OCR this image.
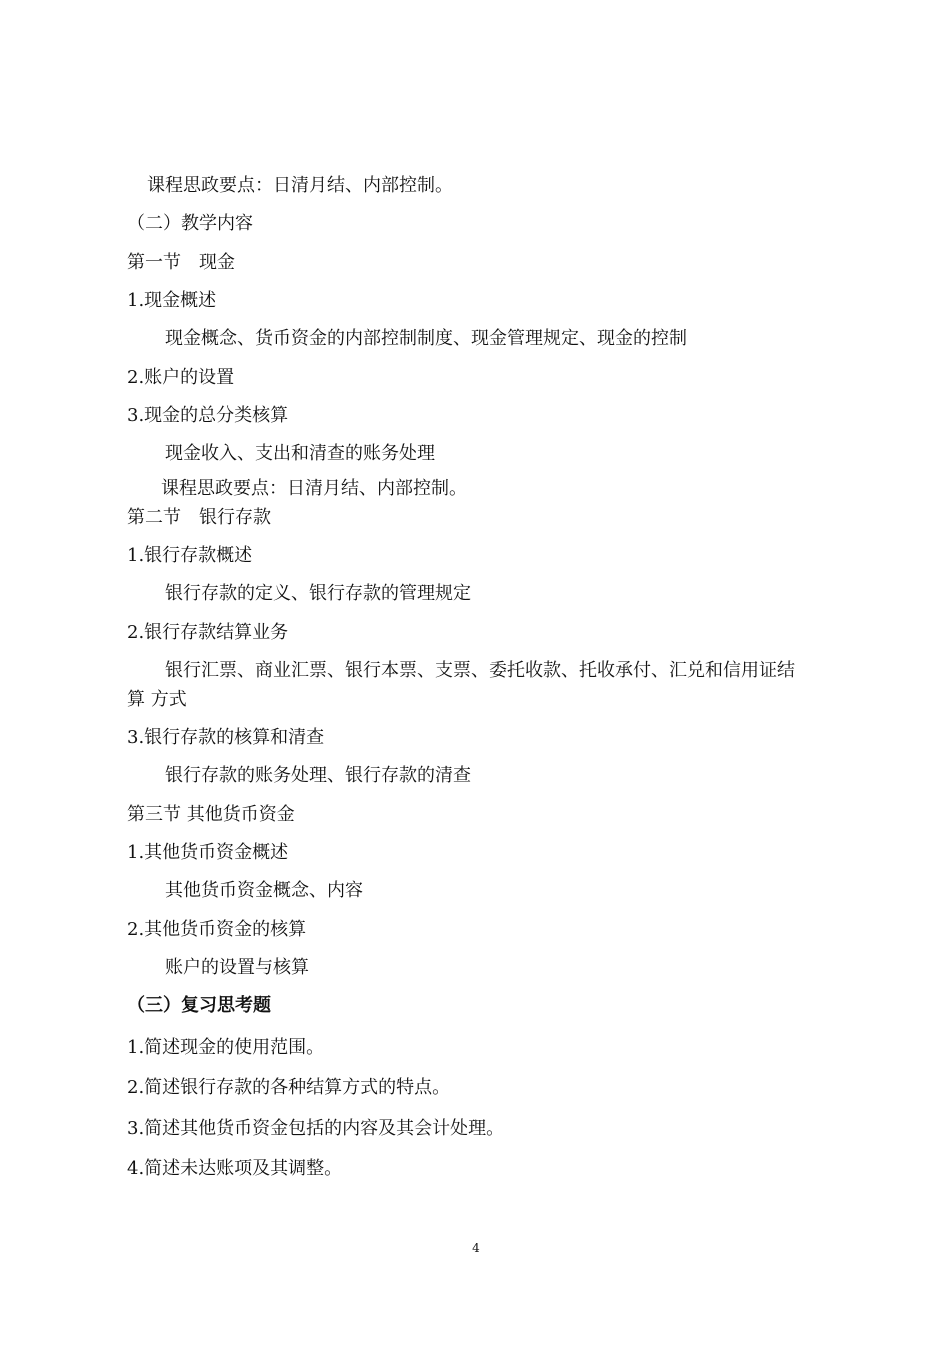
课程思政要点：日清月结、内部控制。
（二）教学内容
第一节　现金
1.现金概述
现金概念、货币资金的内部控制制度、现金管理规定、现金的控制
2.账户的设置
3.现金的总分类核算
现金收入、支出和清查的账务处理
课程思政要点：日清月结、内部控制。
第二节　银行存款
1.银行存款概述
银行存款的定义、银行存款的管理规定
2.银行存款结算业务
银行汇票、商业汇票、银行本票、支票、委托收款、托收承付、汇兑和信用证结
算 方式
3.银行存款的核算和清查
银行存款的账务处理、银行存款的清查
第三节 其他货币资金
1.其他货币资金概述
其他货币资金概念、内容
2.其他货币资金的核算
账户的设置与核算
（三）复习思考题
1.简述现金的使用范围。
2.简述银行存款的各种结算方式的特点。
3.简述其他货币资金包括的内容及其会计处理。
4.简述未达账项及其调整。
4
